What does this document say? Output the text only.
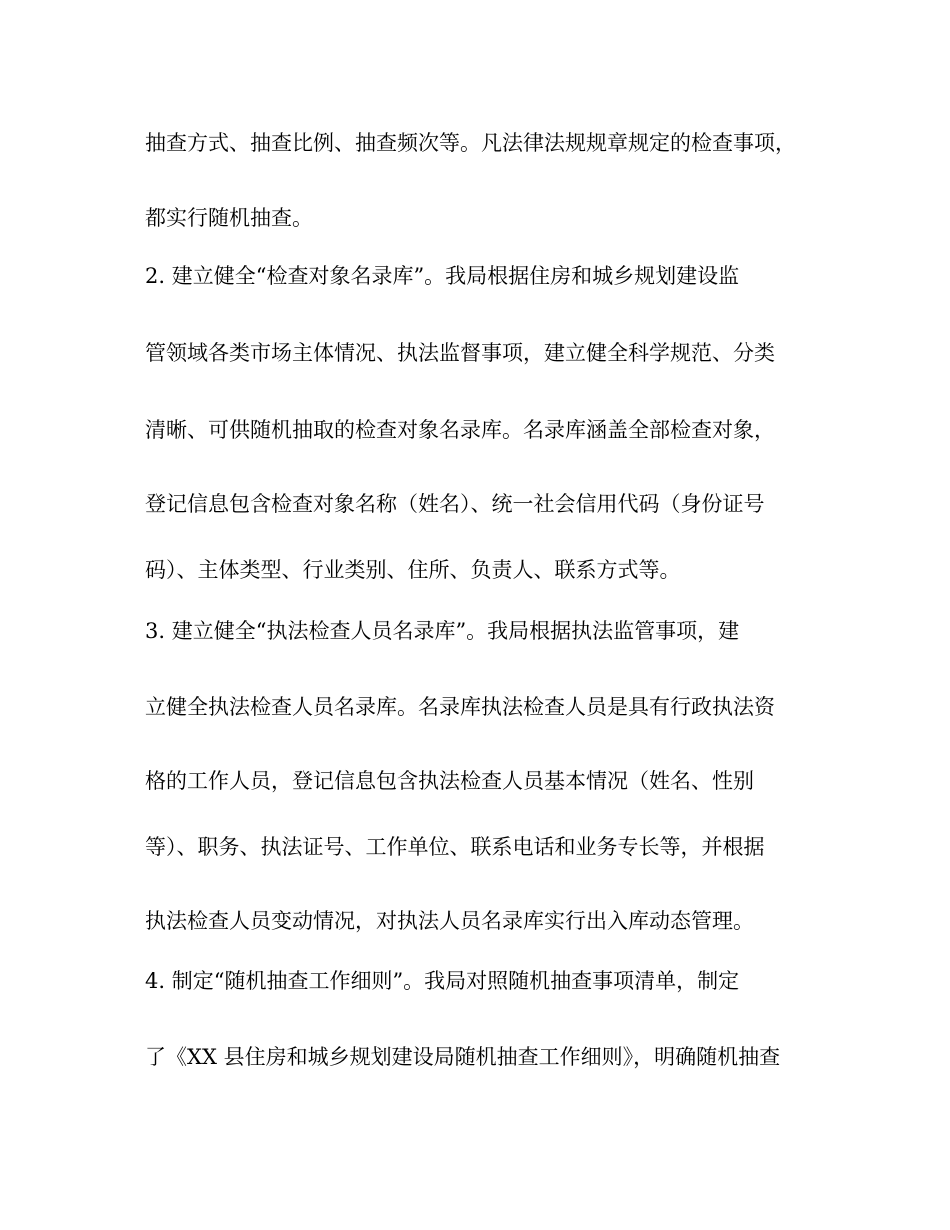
抽查方式、抽查比例、抽查频次等。凡法律法规规章规定的检查事项，

都实行随机抽查。

2. 建立健全“检查对象名录库”。我局根据住房和城乡规划建设监

管领域各类市场主体情况、执法监督事项，建立健全科学规范、分类

清晰、可供随机抽取的检查对象名录库。名录库涵盖全部检查对象，

登记信息包含检查对象名称（姓名）、统一社会信用代码（身份证号

码）、主体类型、行业类别、住所、负责人、联系方式等。

3. 建立健全“执法检查人员名录库”。我局根据执法监管事项，建

立健全执法检查人员名录库。名录库执法检查人员是具有行政执法资

格的工作人员，登记信息包含执法检查人员基本情况（姓名、性别

等）、职务、执法证号、工作单位、联系电话和业务专长等，并根据

执法检查人员变动情况，对执法人员名录库实行出入库动态管理。

4. 制定“随机抽查工作细则”。我局对照随机抽查事项清单，制定

了《XX 县住房和城乡规划建设局随机抽查工作细则》，明确随机抽查
